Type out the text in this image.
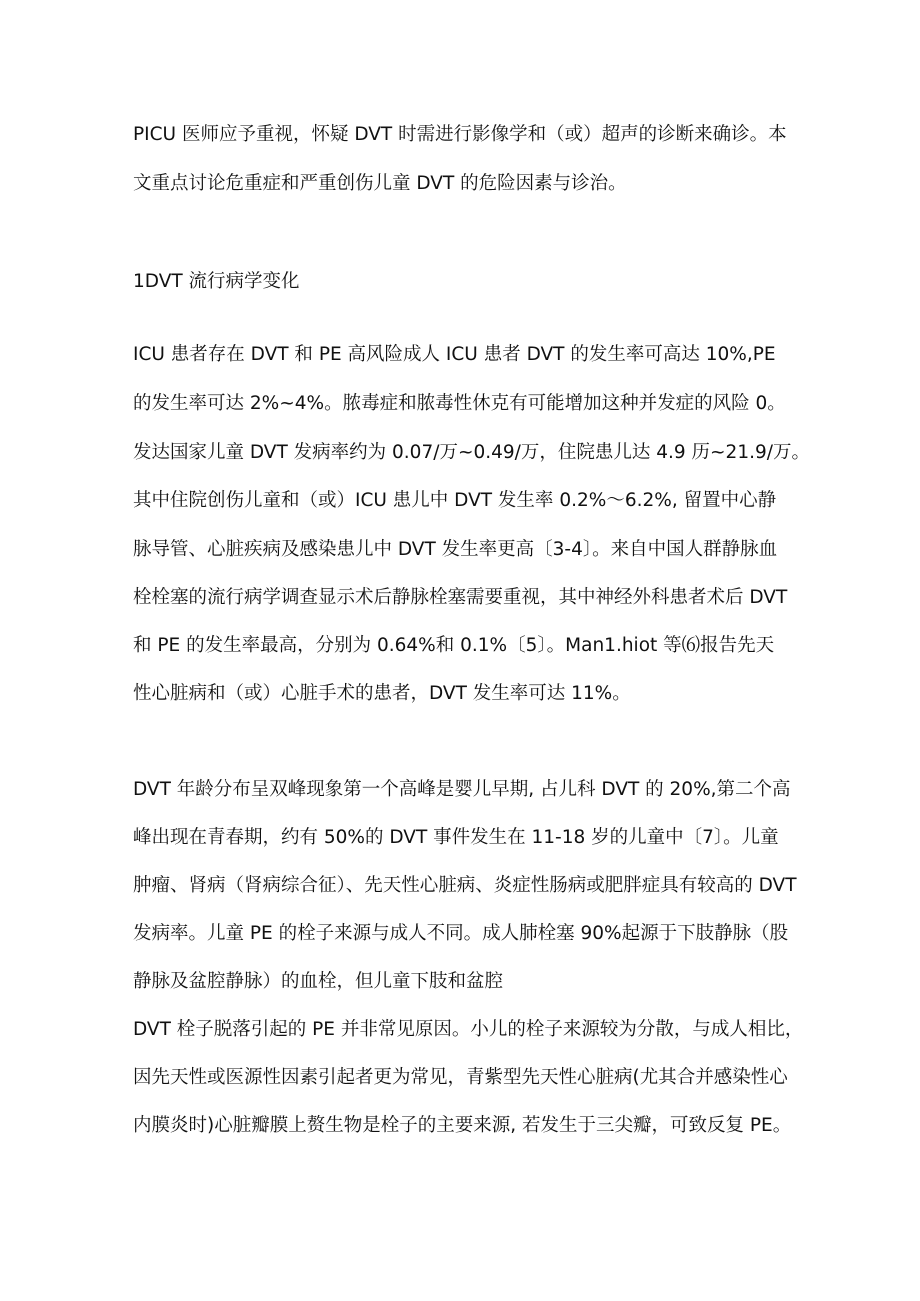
PICU 医师应予重视，怀疑 DVT 时需进行影像学和（或）超声的诊断来确诊。本
文重点讨论危重症和严重创伤儿童 DVT 的危险因素与诊治。
1DVT 流行病学变化
ICU 患者存在 DVT 和 PE 高风险成人 ICU 患者 DVT 的发生率可高达 10%,PE
的发生率可达 2%~4%。脓毒症和脓毒性休克有可能增加这种并发症的风险 0。
发达国家儿童 DVT 发病率约为 0.07/万~0.49/万，住院患儿达 4.9 历~21.9/万。
其中住院创伤儿童和（或）ICU 患儿中 DVT 发生率 0.2%～6.2%, 留置中心静
脉导管、心脏疾病及感染患儿中 DVT 发生率更高〔3-4〕。来自中国人群静脉血
栓栓塞的流行病学调查显示术后静脉栓塞需要重视，其中神经外科患者术后 DVT
和 PE 的发生率最高，分别为 0.64%和 0.1%〔5〕。Man1.hiot 等⑹报告先天
性心脏病和（或）心脏手术的患者，DVT 发生率可达 11%。
DVT 年龄分布呈双峰现象第一个高峰是婴儿早期, 占儿科 DVT 的 20%,第二个高
峰出现在青春期，约有 50%的 DVT 事件发生在 11-18 岁的儿童中〔7〕。儿童
肿瘤、肾病（肾病综合征）、先天性心脏病、炎症性肠病或肥胖症具有较高的 DVT
发病率。儿童 PE 的栓子来源与成人不同。成人肺栓塞 90%起源于下肢静脉（股
静脉及盆腔静脉）的血栓，但儿童下肢和盆腔
DVT 栓子脱落引起的 PE 并非常见原因。小儿的栓子来源较为分散，与成人相比，
因先天性或医源性因素引起者更为常见，青紫型先天性心脏病(尤其合并感染性心
内膜炎时)心脏瓣膜上赘生物是栓子的主要来源, 若发生于三尖瓣，可致反复 PE。
